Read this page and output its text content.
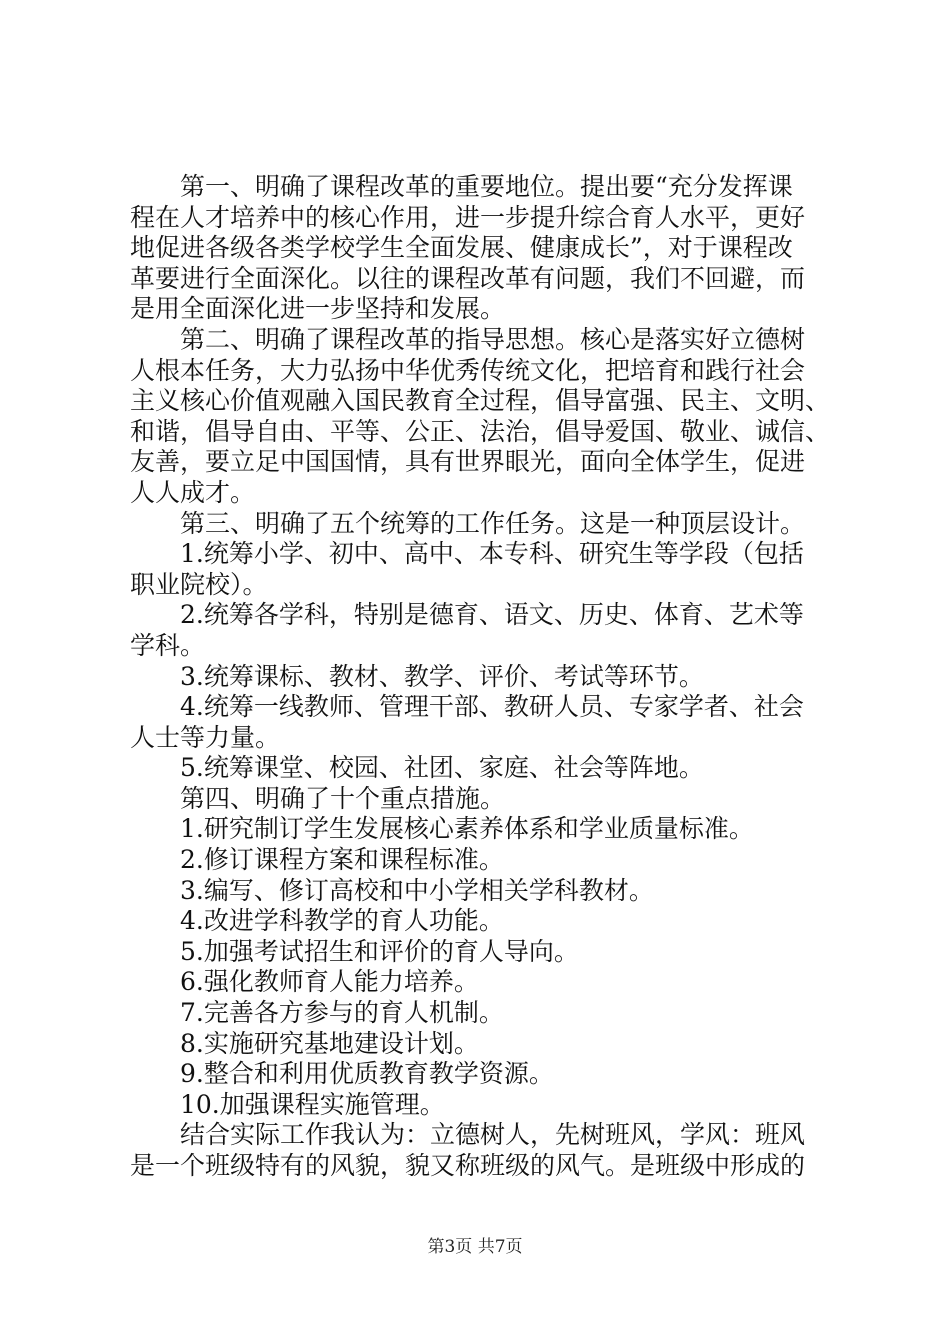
第一、明确了课程改革的重要地位。提出要“充分发挥课
程在人才培养中的核心作用，进一步提升综合育人水平，更好
地促进各级各类学校学生全面发展、健康成长”，对于课程改
革要进行全面深化。以往的课程改革有问题，我们不回避，而
是用全面深化进一步坚持和发展。

第二、明确了课程改革的指导思想。核心是落实好立德树
人根本任务，大力弘扬中华优秀传统文化，把培育和践行社会
主义核心价值观融入国民教育全过程，倡导富强、民主、文明、
和谐，倡导自由、平等、公正、法治，倡导爱国、敬业、诚信、
友善，要立足中国国情，具有世界眼光，面向全体学生，促进
人人成才。

第三、明确了五个统筹的工作任务。这是一种顶层设计。

1.统筹小学、初中、高中、本专科、研究生等学段（包括
职业院校）。

2.统筹各学科，特别是德育、语文、历史、体育、艺术等
学科。

3.统筹课标、教材、教学、评价、考试等环节。

4.统筹一线教师、管理干部、教研人员、专家学者、社会
人士等力量。

5.统筹课堂、校园、社团、家庭、社会等阵地。

第四、明确了十个重点措施。

1.研究制订学生发展核心素养体系和学业质量标准。

2.修订课程方案和课程标准。

3.编写、修订高校和中小学相关学科教材。

4.改进学科教学的育人功能。

5.加强考试招生和评价的育人导向。

6.强化教师育人能力培养。

7.完善各方参与的育人机制。

8.实施研究基地建设计划。

9.整合和利用优质教育教学资源。

10.加强课程实施管理。

结合实际工作我认为：立德树人，先树班风，学风：班风
是一个班级特有的风貌，貌又称班级的风气。是班级中形成的

第3页 共7页
